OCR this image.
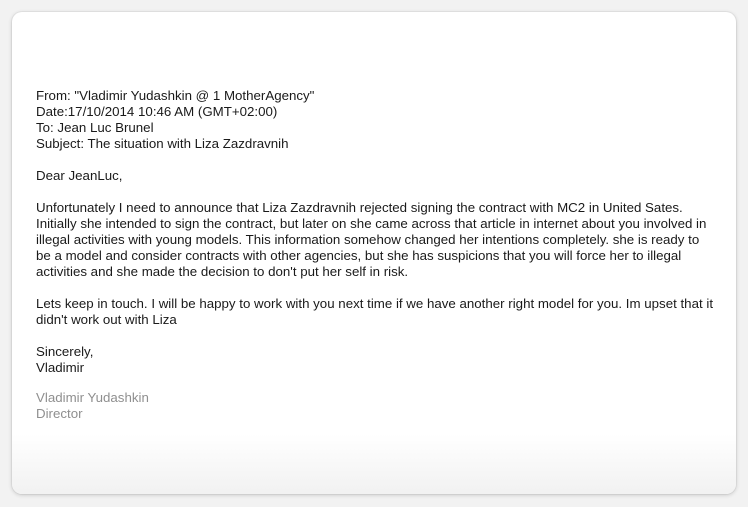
From: "Vladimir Yudashkin @ 1 MotherAgency"
Date:17/10/2014 10:46 AM (GMT+02:00)
To: Jean Luc Brunel
Subject: The situation with Liza Zazdravnih

Dear JeanLuc,

Unfortunately I need to announce that Liza Zazdravnih rejected signing the contract with MC2 in United Sates. Initially she intended to sign the contract, but later on she came across that article in internet about you involved in illegal activities with young models. This information somehow changed her intentions completely. she is ready to be a model and consider contracts with other agencies, but she has suspicions that you will force her to illegal activities and she made the decision to don't put her self in risk.

Lets keep in touch. I will be happy to work with you next time if we have another right model for you. Im upset that it didn't work out with Liza

Sincerely,
Vladimir

Vladimir Yudashkin
Director
